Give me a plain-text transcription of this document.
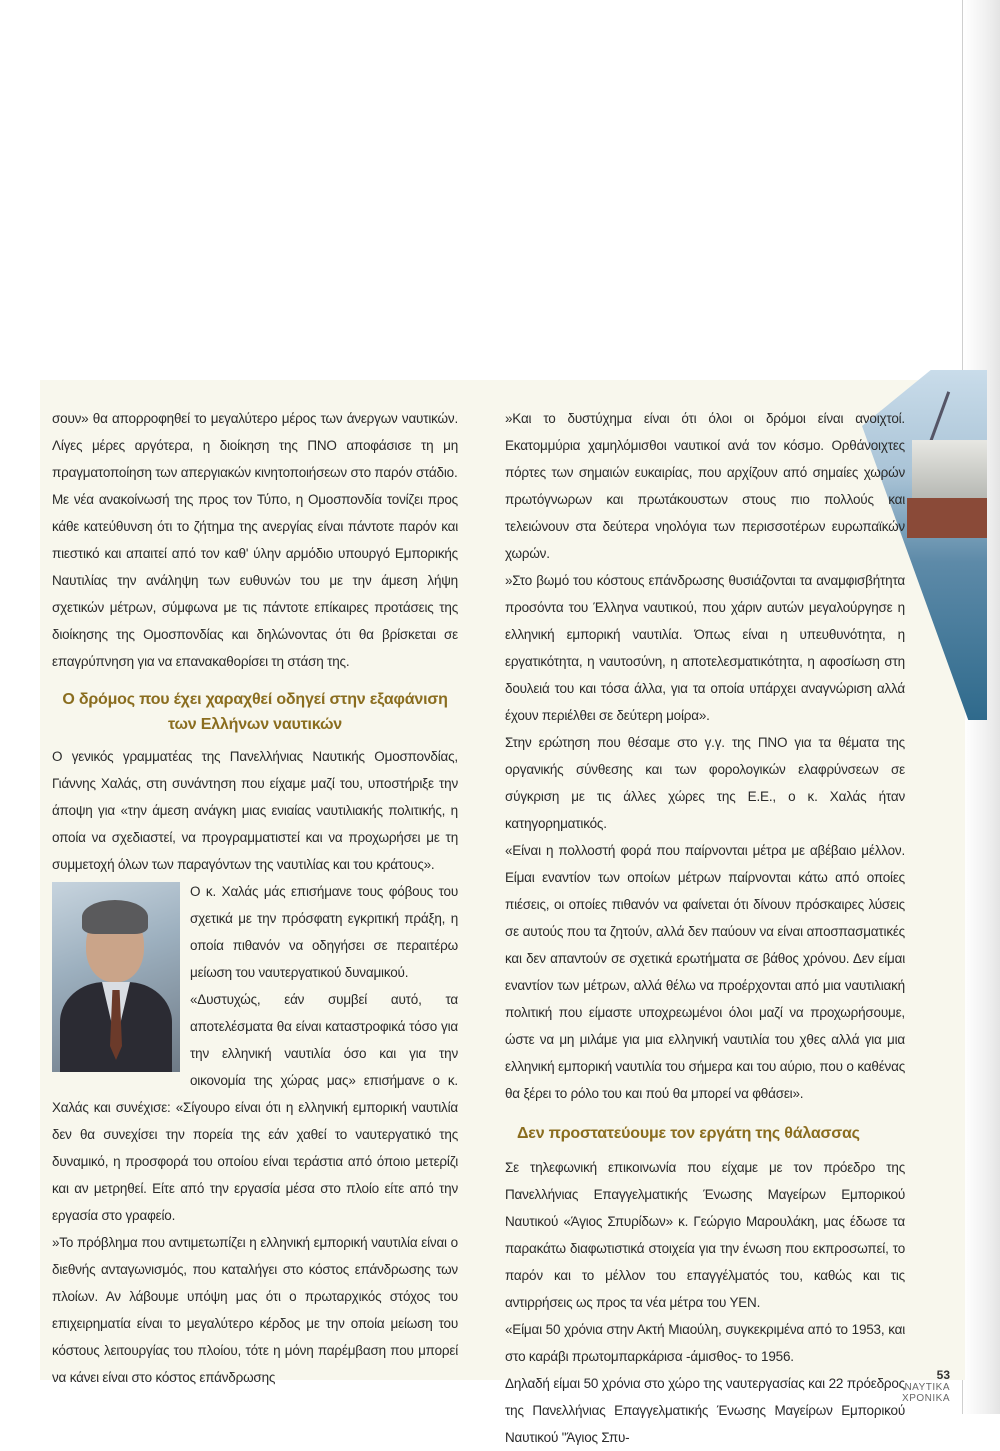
σουν» θα απορροφηθεί το μεγαλύτερο μέρος των άνεργων ναυτικών. Λίγες μέρες αργότερα, η διοίκηση της ΠΝΟ αποφάσισε τη μη πραγματοποίηση των απεργιακών κινητοποιήσεων στο παρόν στάδιο.

Με νέα ανακοίνωσή της προς τον Τύπο, η Ομοσπονδία τονίζει προς κάθε κατεύθυνση ότι το ζήτημα της ανεργίας είναι πάντοτε παρόν και πιεστικό και απαιτεί από τον καθ' ύλην αρμόδιο υπουργό Εμπορικής Ναυτιλίας την ανάληψη των ευθυνών του με την άμεση λήψη σχετικών μέτρων, σύμφωνα με τις πάντοτε επίκαιρες προτάσεις της διοίκησης της Ομοσπονδίας και δηλώνοντας ότι θα βρίσκεται σε επαγρύπνηση για να επανακαθορίσει τη στάση της.

Ο δρόμος που έχει χαραχθεί οδηγεί στην εξαφάνιση των Ελλήνων ναυτικών

Ο γενικός γραμματέας της Πανελλήνιας Ναυτικής Ομοσπονδίας, Γιάννης Χαλάς, στη συνάντηση που είχαμε μαζί του, υποστήριξε την άποψη για «την άμεση ανάγκη μιας ενιαίας ναυτιλιακής πολιτικής, η οποία να σχεδιαστεί, να προγραμματιστεί και να προχωρήσει με τη συμμετοχή όλων των παραγόντων της ναυτιλίας και του κράτους».

Ο κ. Χαλάς μάς επισήμανε τους φόβους του σχετικά με την πρόσφατη εγκριτική πράξη, η οποία πιθανόν να οδηγήσει σε περαιτέρω μείωση του ναυτεργατικού δυναμικού.

«Δυστυχώς, εάν συμβεί αυτό, τα αποτελέσματα θα είναι καταστροφικά τόσο για την ελληνική ναυτιλία όσο και για την οικονομία της χώρας μας» επισήμανε ο κ. Χαλάς και συνέχισε: «Σίγουρο είναι ότι η ελληνική εμπορική ναυτιλία δεν θα συνεχίσει την πορεία της εάν χαθεί το ναυτεργατικό της δυναμικό, η προσφορά του οποίου είναι τεράστια από όποιο μετερίζι και αν μετρηθεί. Είτε από την εργασία μέσα στο πλοίο είτε από την εργασία στο γραφείο.

»Το πρόβλημα που αντιμετωπίζει η ελληνική εμπορική ναυτιλία είναι ο διεθνής ανταγωνισμός, που καταλήγει στο κόστος επάνδρωσης των πλοίων. Αν λάβουμε υπόψη μας ότι ο πρωταρχικός στόχος του επιχειρηματία είναι το μεγαλύτερο κέρδος με την οποία μείωση του κόστους λειτουργίας του πλοίου, τότε η μόνη παρέμβαση που μπορεί να κάνει είναι στο κόστος επάνδρωσης

»Και το δυστύχημα είναι ότι όλοι οι δρόμοι είναι ανοιχτοί. Εκατομμύρια χαμηλόμισθοι ναυτικοί ανά τον κόσμο. Ορθάνοιχτες πόρτες των σημαιών ευκαιρίας, που αρχίζουν από σημαίες χωρών πρωτόγνωρων και πρωτάκουστων στους πιο πολλούς και τελειώνουν στα δεύτερα νηολόγια των περισσοτέρων ευρωπαϊκών χωρών.

»Στο βωμό του κόστους επάνδρωσης θυσιάζονται τα αναμφισβήτητα προσόντα του Έλληνα ναυτικού, που χάριν αυτών μεγαλούργησε η ελληνική εμπορική ναυτιλία. Όπως είναι η υπευθυνότητα, η εργατικότητα, η ναυτοσύνη, η αποτελεσματικότητα, η αφοσίωση στη δουλειά του και τόσα άλλα, για τα οποία υπάρχει αναγνώριση αλλά έχουν περιέλθει σε δεύτερη μοίρα».

Στην ερώτηση που θέσαμε στο γ.γ. της ΠΝΟ για τα θέματα της οργανικής σύνθεσης και των φορολογικών ελαφρύνσεων σε σύγκριση με τις άλλες χώρες της Ε.Ε., ο κ. Χαλάς ήταν κατηγορηματικός.

«Είναι η πολλοστή φορά που παίρνονται μέτρα με αβέβαιο μέλλον. Είμαι εναντίον των οποίων μέτρων παίρνονται κάτω από οποίες πιέσεις, οι οποίες πιθανόν να φαίνεται ότι δίνουν πρόσκαιρες λύσεις σε αυτούς που τα ζητούν, αλλά δεν παύουν να είναι αποσπασματικές και δεν απαντούν σε σχετικά ερωτήματα σε βάθος χρόνου. Δεν είμαι εναντίον των μέτρων, αλλά θέλω να προέρχονται από μια ναυτιλιακή πολιτική που είμαστε υποχρεωμένοι όλοι μαζί να προχωρήσουμε, ώστε να μη μιλάμε για μια ελληνική ναυτιλία του χθες αλλά για μια ελληνική εμπορική ναυτιλία του σήμερα και του αύριο, που ο καθένας θα ξέρει το ρόλο του και πού θα μπορεί να φθάσει».

Δεν προστατεύουμε τον εργάτη της θάλασσας

Σε τηλεφωνική επικοινωνία που είχαμε με τον πρόεδρο της Πανελλήνιας Επαγγελματικής Ένωσης Μαγείρων Εμπορικού Ναυτικού «Άγιος Σπυρίδων» κ. Γεώργιο Μαρουλάκη, μας έδωσε τα παρακάτω διαφωτιστικά στοιχεία για την ένωση που εκπροσωπεί, το παρόν και το μέλλον του επαγγέλματός του, καθώς και τις αντιρρήσεις ως προς τα νέα μέτρα του ΥΕΝ.

«Είμαι 50 χρόνια στην Ακτή Μιαούλη, συγκεκριμένα από το 1953, και στο καράβι πρωτομπαρκάρισα -άμισθος- το 1956.

Δηλαδή είμαι 50 χρόνια στο χώρο της ναυτεργασίας και 22 πρόεδρος της Πανελλήνιας Επαγγελματικής Ένωσης Μαγείρων Εμπορικού Ναυτικού "Άγιος Σπυ-

53
ΝΑΥΤΙΚΑ
ΧΡΟΝΙΚΑ
